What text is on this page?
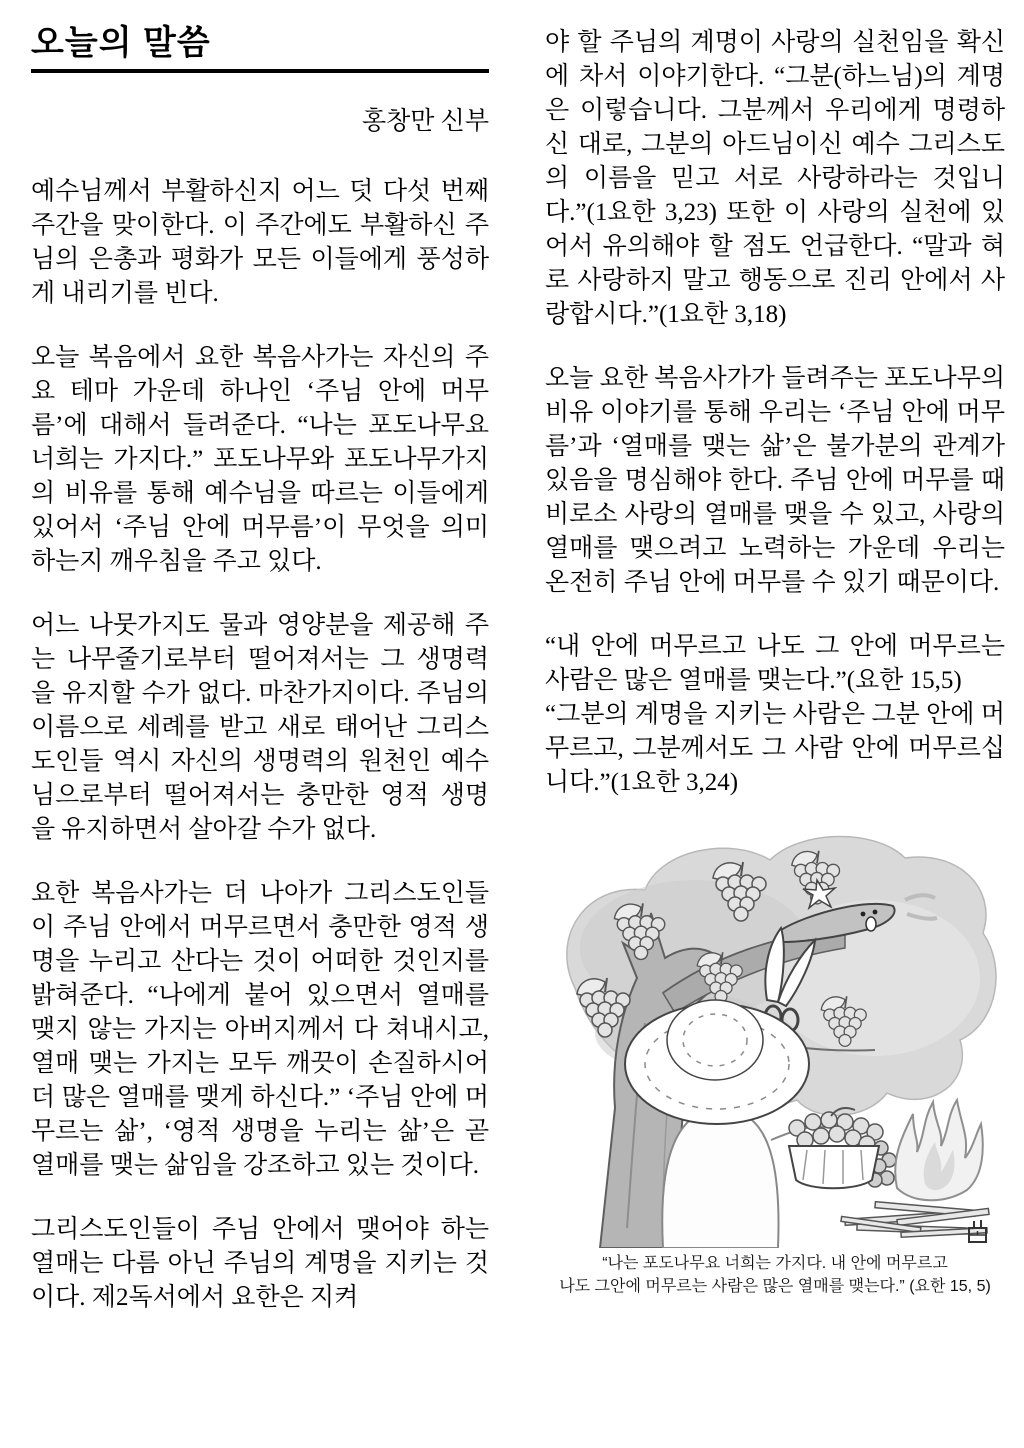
오늘의 말씀
홍창만 신부

예수님께서 부활하신지 어느 덧 다섯 번째 주간을 맞이한다. 이 주간에도 부활하신 주님의 은총과 평화가 모든 이들에게 풍성하게 내리기를 빈다.

오늘 복음에서 요한 복음사가는 자신의 주요 테마 가운데 하나인 ‘주님 안에 머무름’에 대해서 들려준다. “나는 포도나무요 너희는 가지다.” 포도나무와 포도나무가지의 비유를 통해 예수님을 따르는 이들에게 있어서 ‘주님 안에 머무름’이 무엇을 의미하는지 깨우침을 주고 있다.

어느 나뭇가지도 물과 영양분을 제공해 주는 나무줄기로부터 떨어져서는 그 생명력을 유지할 수가 없다. 마찬가지이다. 주님의 이름으로 세례를 받고 새로 태어난 그리스도인들 역시 자신의 생명력의 원천인 예수님으로부터 떨어져서는 충만한 영적 생명을 유지하면서 살아갈 수가 없다.

요한 복음사가는 더 나아가 그리스도인들이 주님 안에서 머무르면서 충만한 영적 생명을 누리고 산다는 것이 어떠한 것인지를 밝혀준다. “나에게 붙어 있으면서 열매를 맺지 않는 가지는 아버지께서 다 쳐내시고, 열매 맺는 가지는 모두 깨끗이 손질하시어 더 많은 열매를 맺게 하신다.” ‘주님 안에 머무르는 삶’, ‘영적 생명을 누리는 삶’은 곧 열매를 맺는 삶임을 강조하고 있는 것이다.

그리스도인들이 주님 안에서 맺어야 하는 열매는 다름 아닌 주님의 계명을 지키는 것이다. 제2독서에서 요한은 지켜

야 할 주님의 계명이 사랑의 실천임을 확신에 차서 이야기한다. “그분(하느님)의 계명은 이렇습니다. 그분께서 우리에게 명령하신 대로, 그분의 아드님이신 예수 그리스도의 이름을 믿고 서로 사랑하라는 것입니다.”(1요한 3,23) 또한 이 사랑의 실천에 있어서 유의해야 할 점도 언급한다. “말과 혀로 사랑하지 말고 행동으로 진리 안에서 사랑합시다.”(1요한 3,18)

오늘 요한 복음사가가 들려주는 포도나무의 비유 이야기를 통해 우리는 ‘주님 안에 머무름’과 ‘열매를 맺는 삶’은 불가분의 관계가 있음을 명심해야 한다. 주님 안에 머무를 때 비로소 사랑의 열매를 맺을 수 있고, 사랑의 열매를 맺으려고 노력하는 가운데 우리는 온전히 주님 안에 머무를 수 있기 때문이다.

“내 안에 머무르고 나도 그 안에 머무르는 사람은 많은 열매를 맺는다.”(요한 15,5)

“그분의 계명을 지키는 사람은 그분 안에 머무르고, 그분께서도 그 사람 안에 머무르십니다.”(1요한 3,24)

“나는 포도나무요 너희는 가지다. 내 안에 머무르고
나도 그안에 머무르는 사람은 많은 열매를 맺는다.” (요한 15, 5)
